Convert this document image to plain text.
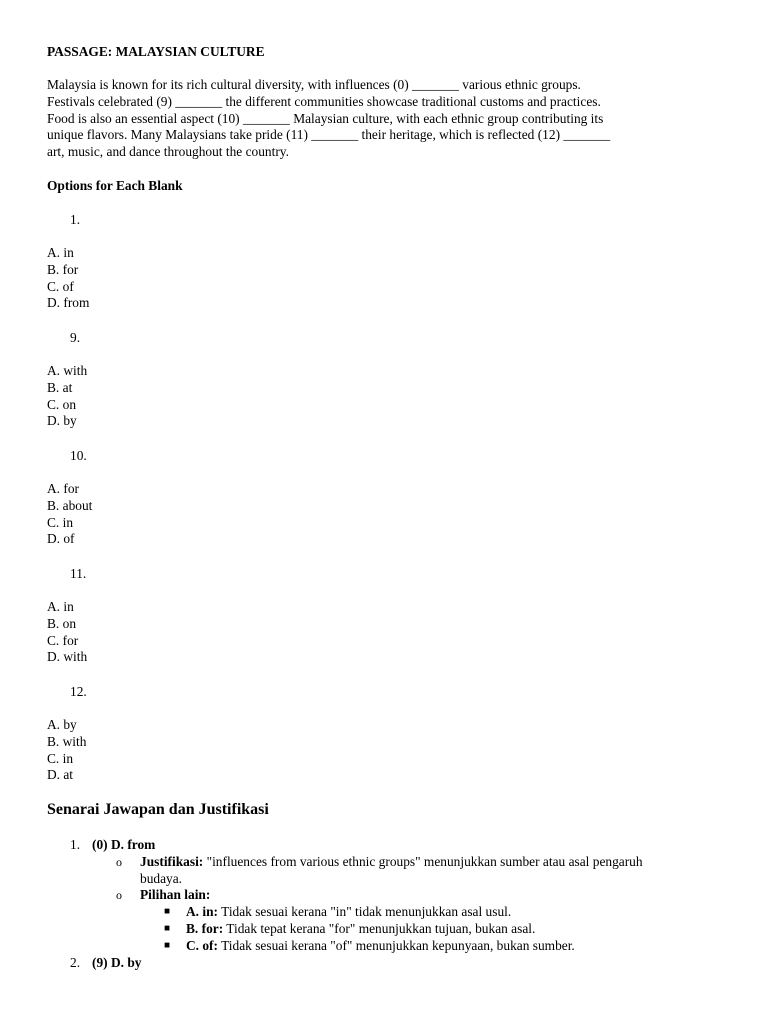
PASSAGE: MALAYSIAN CULTURE

Malaysia is known for its rich cultural diversity, with influences (0) _______ various ethnic groups.

Festivals celebrated (9) _______ the different communities showcase traditional customs and practices.

Food is also an essential aspect (10) _______ Malaysian culture, with each ethnic group contributing its

unique flavors. Many Malaysians take pride (11) _______ their heritage, which is reflected (12) _______

art, music, and dance throughout the country.

Options for Each Blank
1.
A. in
B. for
C. of
D. from
9.
A. with
B. at
C. on
D. by
10.
A. for
B. about
C. in
D. of
11.
A. in
B. on
C. for
D. with
12.
A. by
B. with
C. in
D. at
Senarai Jawapan dan Justifikasi
1. (0) D. from
o Justifikasi: "influences from various ethnic groups" menunjukkan sumber atau asal pengaruh budaya.
o Pilihan lain:
■ A. in: Tidak sesuai kerana "in" tidak menunjukkan asal usul.
■ B. for: Tidak tepat kerana "for" menunjukkan tujuan, bukan asal.
■ C. of: Tidak sesuai kerana "of" menunjukkan kepunyaan, bukan sumber.
2. (9) D. by
